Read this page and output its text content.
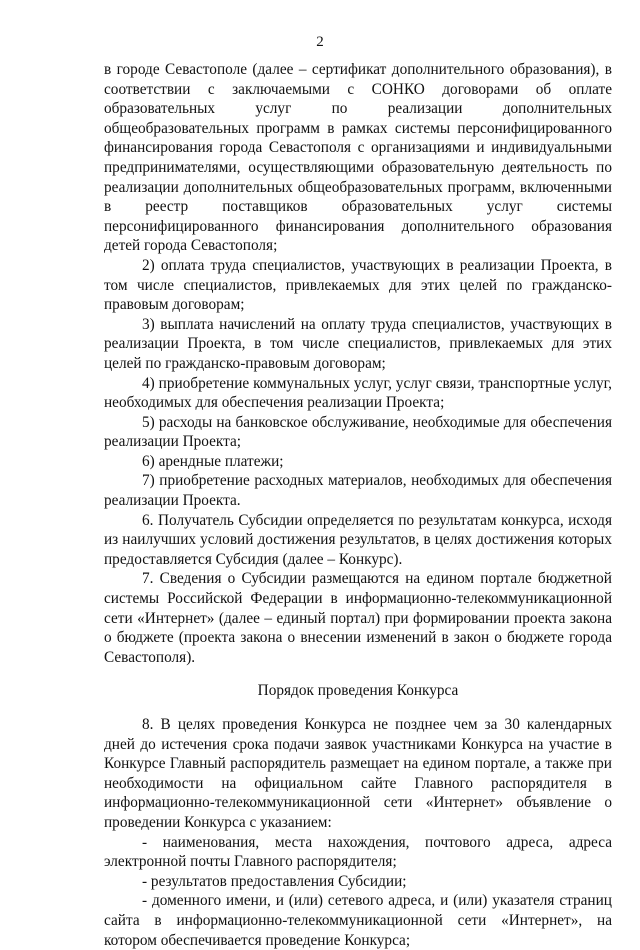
2

в городе Севастополе (далее – сертификат дополнительного образования), в соответствии с заключаемыми с СОНКО договорами об оплате образовательных услуг по реализации дополнительных общеобразовательных программ в рамках системы персонифицированного финансирования города Севастополя с организациями и индивидуальными предпринимателями, осуществляющими образовательную деятельность по реализации дополнительных общеобразовательных программ, включенными в реестр поставщиков образовательных услуг системы персонифицированного финансирования дополнительного образования детей города Севастополя;

2) оплата труда специалистов, участвующих в реализации Проекта, в том числе специалистов, привлекаемых для этих целей по гражданско-правовым договорам;

3) выплата начислений на оплату труда специалистов, участвующих в реализации Проекта, в том числе специалистов, привлекаемых для этих целей по гражданско-правовым договорам;

4) приобретение коммунальных услуг, услуг связи, транспортные услуг, необходимых для обеспечения реализации Проекта;

5) расходы на банковское обслуживание, необходимые для обеспечения реализации Проекта;

6) арендные платежи;

7) приобретение расходных материалов, необходимых для обеспечения реализации Проекта.

6. Получатель Субсидии определяется по результатам конкурса, исходя из наилучших условий достижения результатов, в целях достижения которых предоставляется Субсидия (далее – Конкурс).

7. Сведения о Субсидии размещаются на едином портале бюджетной системы Российской Федерации в информационно-телекоммуникационной сети «Интернет» (далее – единый портал) при формировании проекта закона о бюджете (проекта закона о внесении изменений в закон о бюджете города Севастополя).

Порядок проведения Конкурса

8. В целях проведения Конкурса не позднее чем за 30 календарных дней до истечения срока подачи заявок участниками Конкурса на участие в Конкурсе Главный распорядитель размещает на едином портале, а также при необходимости на официальном сайте Главного распорядителя в информационно-телекоммуникационной сети «Интернет» объявление о проведении Конкурса с указанием:

- наименования, места нахождения, почтового адреса, адреса электронной почты Главного распорядителя;

- результатов предоставления Субсидии;

- доменного имени, и (или) сетевого адреса, и (или) указателя страниц сайта в информационно-телекоммуникационной сети «Интернет», на котором обеспечивается проведение Конкурса;
